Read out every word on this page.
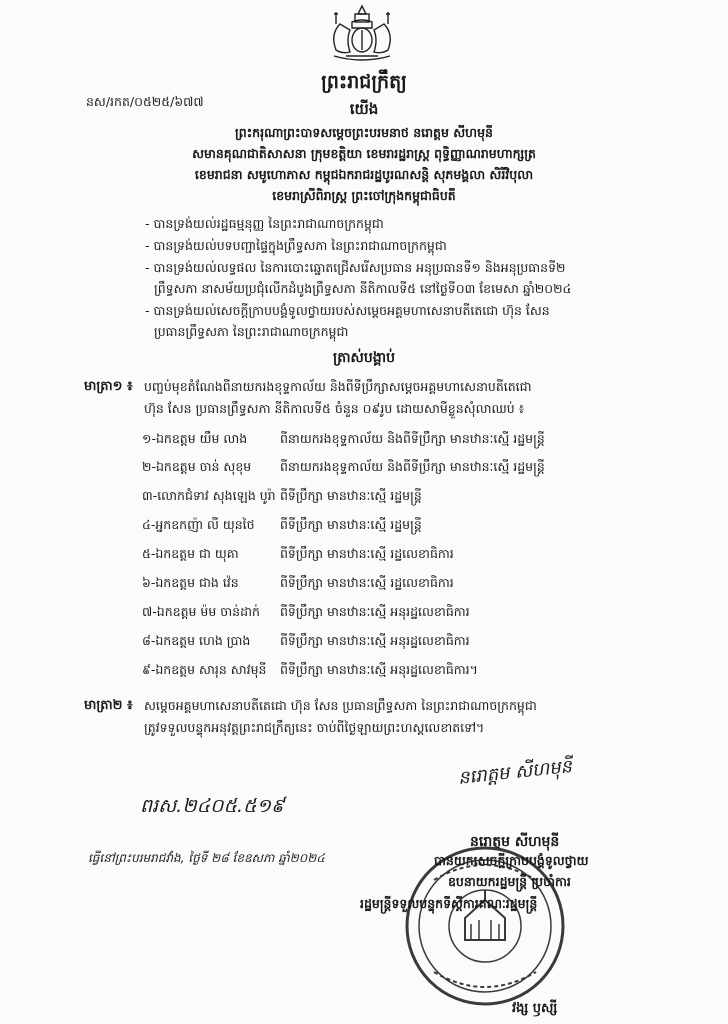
នស/រកត/០៥២៥/៦៧៧
ព្រះរាជក្រឹត្យ
យើង
ព្រះករុណាព្រះបាទសម្តេចព្រះបរមនាថ នរោត្តម សីហមុនី
សមានគុណជាតិសាសនា ក្រុមខត្តិយា ខេមរារដ្ឋរាស្ត្រ ពុទ្ធិញ្ញាណរាមហាក្សត្រ
ខេមរាជនា សមូហោភាស កម្ពុជឯករាជរដ្ឋបូរណសន្តិ សុភមង្គលា សិរីវិបុលា
ខេមរាស្រីពិរាស្ត្រ ព្រះចៅក្រុងកម្ពុជាធិបតី
- បានទ្រង់យល់រដ្ឋធម្មនុញ្ញ នៃព្រះរាជាណាចក្រកម្ពុជា
- បានទ្រង់យល់បទបញ្ជាផ្ទៃក្នុងព្រឹទ្ធសភា នៃព្រះរាជាណាចក្រកម្ពុជា
- បានទ្រង់យល់លទ្ធផល នៃការបោះឆ្នោតជ្រើសរើសប្រធាន អនុប្រធានទី១ និងអនុប្រធានទី២
ព្រឹទ្ធសភា នាសម័យប្រជុំលើកដំបូងព្រឹទ្ធសភា នីតិកាលទី៥ នៅថ្ងៃទី០៣ ខែមេសា ឆ្នាំ២០២៤
- បានទ្រង់យល់សេចក្តីក្រាបបង្គំទូលថ្វាយរបស់សម្តេចអគ្គមហាសេនាបតីតេជោ ហ៊ុន សែន
ប្រធានព្រឹទ្ធសភា នៃព្រះរាជាណាចក្រកម្ពុជា
ត្រាស់បង្គាប់
មាត្រា១ ៖ បញ្ចប់មុខតំណែងពីនាយករងខុទ្ទកាល័យ និងពីទីប្រឹក្សាសម្តេចអគ្គមហាសេនាបតីតេជោ
ហ៊ុន សែន ប្រធានព្រឹទ្ធសភា នីតិកាលទី៥ ចំនួន ០៩រូប ដោយសាមីខ្លួនសុំលាឈប់ ៖
១-ឯកឧត្តម យឹម លាង	ពីនាយករងខុទ្ទកាល័យ និងពីទីប្រឹក្សា មានឋានៈស្មើ រដ្ឋមន្ត្រី
២-ឯកឧត្តម ចាន់ សុខុម ពីនាយករងខុទ្ទកាល័យ និងពីទីប្រឹក្សា មានឋានៈស្មើ រដ្ឋមន្ត្រី
៣-លោកជំទាវ សុងឡេង បូរ៉ា ពីទីប្រឹក្សា មានឋានៈស្មើ រដ្ឋមន្ត្រី
៤-អ្នកឧកញ៉ា លី យុនថៃ ពីទីប្រឹក្សា មានឋានៈស្មើ រដ្ឋមន្ត្រី
៥-ឯកឧត្តម ជា យុគា	ពីទីប្រឹក្សា មានឋានៈស្មើ រដ្ឋលេខាធិការ
៦-ឯកឧត្តម ជាង វ៉េន	ពីទីប្រឹក្សា មានឋានៈស្មើ រដ្ឋលេខាធិការ
៧-ឯកឧត្តម ម៉ម ចាន់ដាក់ ពីទីប្រឹក្សា មានឋានៈស្មើ អនុរដ្ឋលេខាធិការ
៨-ឯកឧត្តម ហេង ប្រាង ពីទីប្រឹក្សា មានឋានៈស្មើ អនុរដ្ឋលេខាធិការ
៩-ឯកឧត្តម សារុន សាវមុនី ពីទីប្រឹក្សា មានឋានៈស្មើ អនុរដ្ឋលេខាធិការ។
មាត្រា២ ៖ សម្តេចអគ្គមហាសេនាបតីតេជោ ហ៊ុន សែន ប្រធានព្រឹទ្ធសភា នៃព្រះរាជាណាចក្រកម្ពុជា
ត្រូវទទួលបន្ទុកអនុវត្តព្រះរាជក្រឹត្យនេះ ចាប់ពីថ្ងៃឡាយព្រះហស្តលេខាតទៅ។
នរោត្តម សីហមុនី
ពរស.២៤០៥.៥១៩
ធ្វើនៅព្រះបរមរាជវាំង, ថ្ងៃទី ២៨ ខែឧសភា ឆ្នាំ២០២៤
នរោត្តម សីហមុនី
បានយកសេចក្តីក្រាបបង្គំទូលថ្វាយ
ឧបនាយករដ្ឋមន្ត្រី ប្រចាំការ
រដ្ឋមន្ត្រីទទួលបន្ទុកទីស្តីការគណៈរដ្ឋមន្ត្រី
វង្ស ឫស្សី
